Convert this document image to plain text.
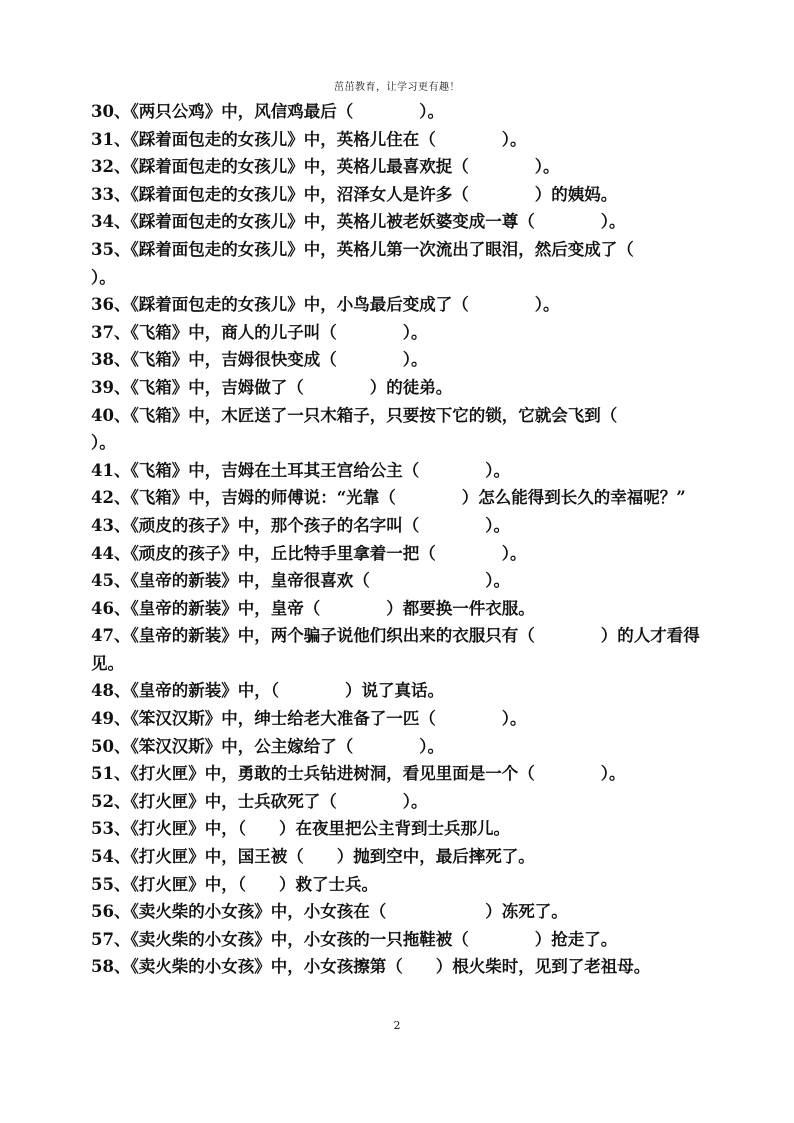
茁茁教育，让学习更有趣！
30、《两只公鸡》中，风信鸡最后（　　　　）。
31、《踩着面包走的女孩儿》中，英格儿住在（　　　　）。
32、《踩着面包走的女孩儿》中，英格儿最喜欢捉（　　　　）。
33、《踩着面包走的女孩儿》中，沼泽女人是许多（　　　　）的姨妈。
34、《踩着面包走的女孩儿》中，英格儿被老妖婆变成一尊（　　　　）。
35、《踩着面包走的女孩儿》中，英格儿第一次流出了眼泪，然后变成了（　　　　）。
36、《踩着面包走的女孩儿》中，小鸟最后变成了（　　　　）。
37、《飞箱》中，商人的儿子叫（　　　　）。
38、《飞箱》中，吉姆很快变成（　　　　）。
39、《飞箱》中，吉姆做了（　　　　）的徒弟。
40、《飞箱》中，木匠送了一只木箱子，只要按下它的锁，它就会飞到（　　　　）。
41、《飞箱》中，吉姆在土耳其王宫给公主（　　　　）。
42、《飞箱》中，吉姆的师傅说：“光靠（　　　　）怎么能得到长久的幸福呢？”
43、《顽皮的孩子》中，那个孩子的名字叫（　　　　）。
44、《顽皮的孩子》中，丘比特手里拿着一把（　　　　）。
45、《皇帝的新装》中，皇帝很喜欢（　　　　　　　）。
46、《皇帝的新装》中，皇帝（　　　　）都要换一件衣服。
47、《皇帝的新装》中，两个骗子说他们织出来的衣服只有（　　　　）的人才看得见。
48、《皇帝的新装》中，（　　　　）说了真话。
49、《笨汉汉斯》中，绅士给老大准备了一匹（　　　　）。
50、《笨汉汉斯》中，公主嫁给了（　　　　）。
51、《打火匣》中，勇敢的士兵钻进树洞，看见里面是一个（　　　　）。
52、《打火匣》中，士兵砍死了（　　　　）。
53、《打火匣》中，（　　）在夜里把公主背到士兵那儿。
54、《打火匣》中，国王被（　　）抛到空中，最后摔死了。
55、《打火匣》中，（　　）救了士兵。
56、《卖火柴的小女孩》中，小女孩在（　　　　　　）冻死了。
57、《卖火柴的小女孩》中，小女孩的一只拖鞋被（　　　　）抢走了。
58、《卖火柴的小女孩》中，小女孩擦第（　　）根火柴时，见到了老祖母。
2
